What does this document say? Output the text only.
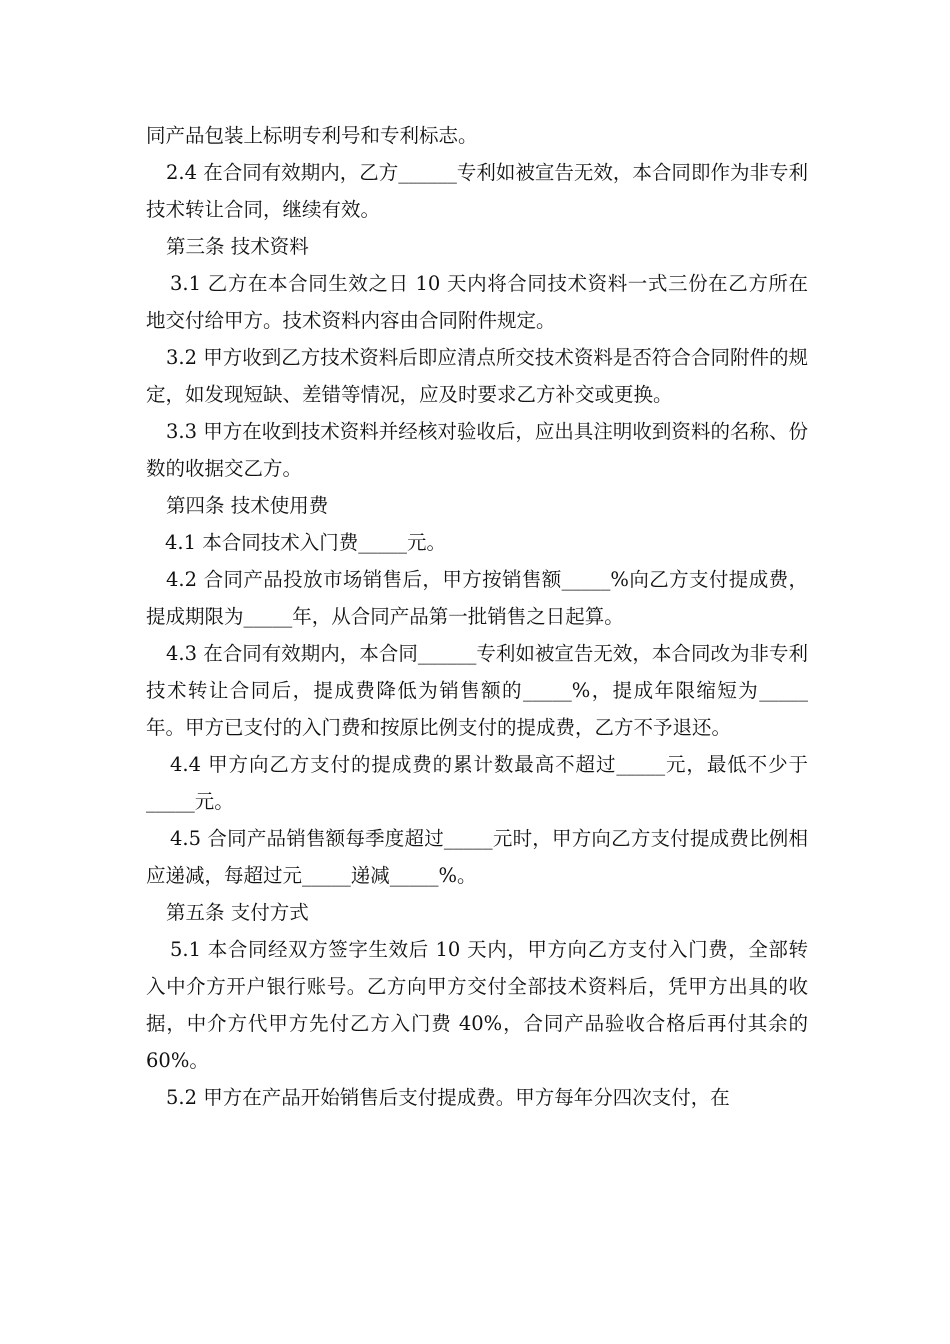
同产品包装上标明专利号和专利标志。

2.4 在合同有效期内，乙方______专利如被宣告无效，本合同即作为非专利技术转让合同，继续有效。

第三条 技术资料

3.1 乙方在本合同生效之日 10 天内将合同技术资料一式三份在乙方所在地交付给甲方。技术资料内容由合同附件规定。

3.2 甲方收到乙方技术资料后即应清点所交技术资料是否符合合同附件的规定，如发现短缺、差错等情况，应及时要求乙方补交或更换。

3.3 甲方在收到技术资料并经核对验收后，应出具注明收到资料的名称、份数的收据交乙方。

第四条 技术使用费

4.1 本合同技术入门费_____元。

4.2 合同产品投放市场销售后，甲方按销售额_____%向乙方支付提成费，提成期限为_____年，从合同产品第一批销售之日起算。

4.3 在合同有效期内，本合同______专利如被宣告无效，本合同改为非专利技术转让合同后，提成费降低为销售额的_____%，提成年限缩短为_____年。甲方已支付的入门费和按原比例支付的提成费，乙方不予退还。

4.4 甲方向乙方支付的提成费的累计数最高不超过_____元，最低不少于_____元。

4.5 合同产品销售额每季度超过_____元时，甲方向乙方支付提成费比例相应递减，每超过元_____递减_____%。

第五条 支付方式

5.1 本合同经双方签字生效后 10 天内，甲方向乙方支付入门费，全部转入中介方开户银行账号。乙方向甲方交付全部技术资料后，凭甲方出具的收据，中介方代甲方先付乙方入门费 40%，合同产品验收合格后再付其余的 60%。

5.2 甲方在产品开始销售后支付提成费。甲方每年分四次支付，在
